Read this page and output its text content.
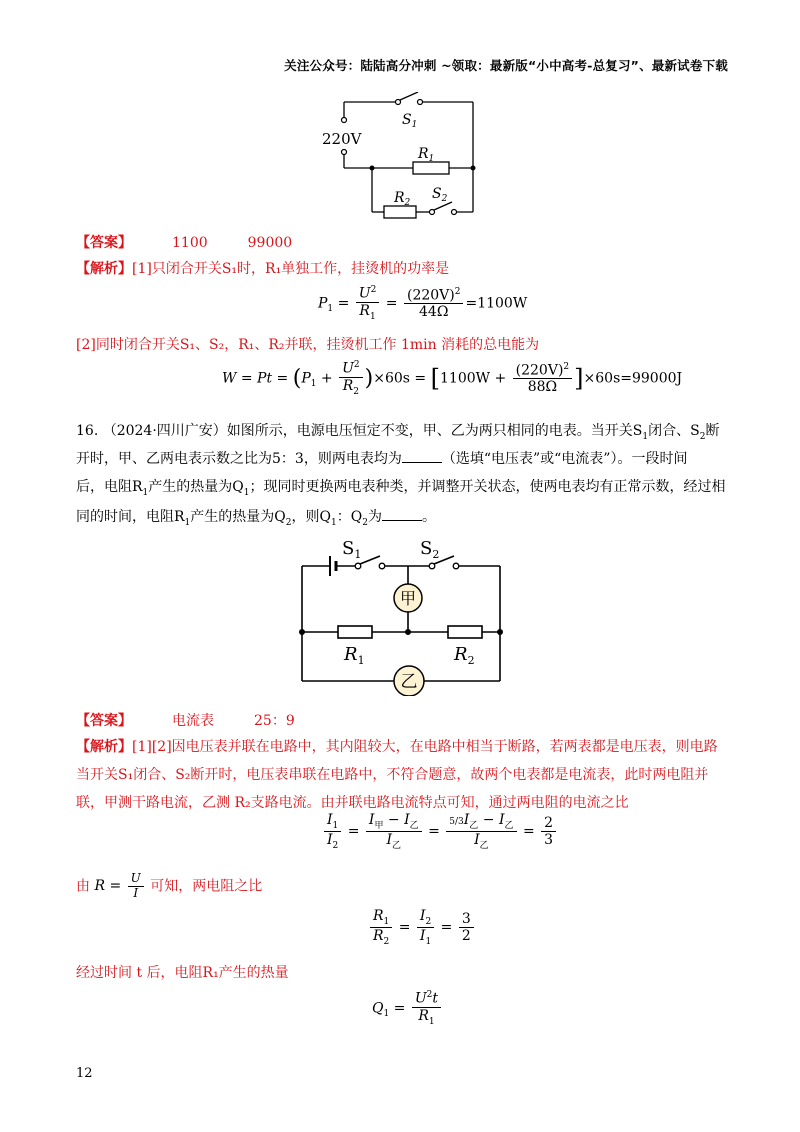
关注公众号：陆陆高分冲刺 ~领取：最新版“小中高考-总复习”、最新试卷下载
220V
$S_1$
$R_1$
$R_2$
$S_2$
【答案】	1100	99000
【解析】[1]只闭合开关S₁时，R₁单独工作，挂烫机的功率是
$P_1 = \frac{U^2}{R_1} = \frac{(220V)^2}{44\Omega} =1100W$
[2]同时闭合开关S₁、S₂，R₁、R₂并联，挂烫机工作 1min 消耗的总电能为
$W = Pt = (P_1 + \frac{U^2}{R_2} )\times 60s = [1100W + \frac{(220V)^2}{88\Omega} ]\times 60s=99000J$
16. （2024·四川广安）如图所示，电源电压恒定不变，甲、乙为两只相同的电表。当开关$S_1$闭合、$S_2$断
开时，甲、乙两电表示数之比为5：3，则两电表均为	（选填“电压表”或“电流表”）。一段时间
后，电阻$R_1$产生的热量为$Q_1$；现同时更换两电表种类，并调整开关状态，使两电表均有正常示数，经过相
同的时间，电阻$R_1$产生的热量为$Q_2$，则$Q_1$：$Q_2$为	。
甲
乙
$S_1$	$S_2$
$R_1$	$R_2$
【答案】	电流表	25：9
【解析】[1][2]因电压表并联在电路中，其内阻较大，在电路中相当于断路，若两表都是电压表，则电路
当开关S₁闭合、S₂断开时，电压表串联在电路中，不符合题意，故两个电表都是电流表，此时两电阻并
联，甲测干路电流，乙测 R₂支路电流。由并联电路电流特点可知，通过两电阻的电流之比
$\frac{I_1}{I_2} = \frac{I_甲 - I_乙}{I_乙} = \frac{5/3I_乙 - I_乙}{I_乙} = \frac{2}{3}$
由 $R = \frac{U}{I}$ 可知，两电阻之比
$\frac{R_1}{R_2} = \frac{I_2}{I_1} = \frac{3}{2}$
经过时间 t 后，电阻R₁产生的热量
$Q_1 = \frac{U^2t}{R_1}$
12
